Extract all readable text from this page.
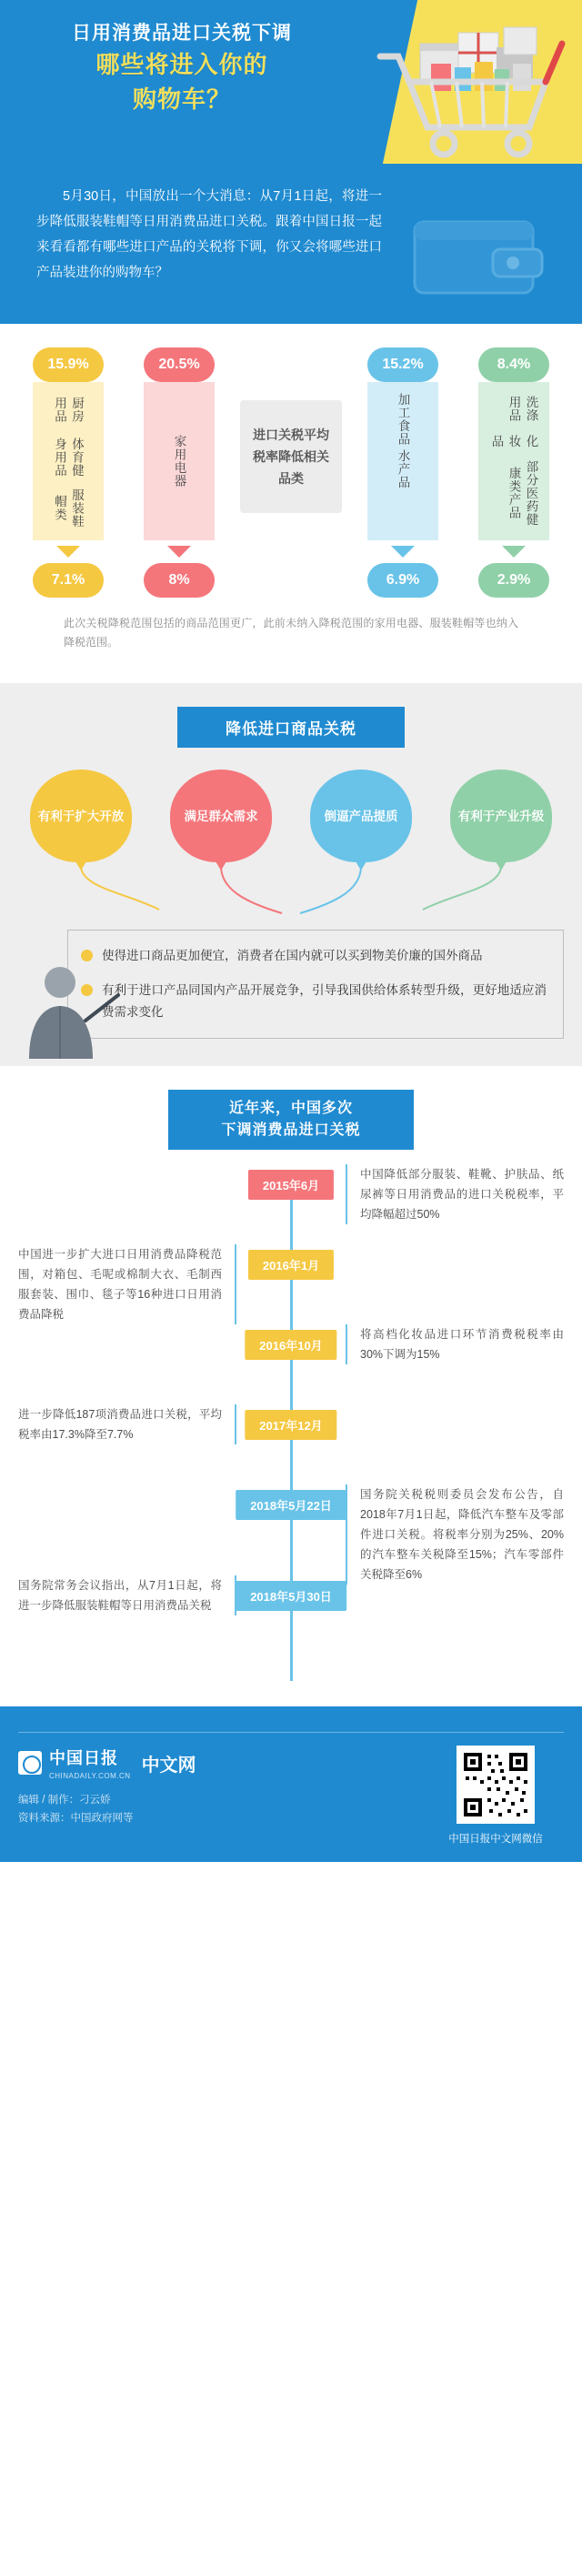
日用消费品进口关税下调
哪些将进入你的
购物车？

5月30日，中国放出一个大消息：从7月1日起，将进一步降低服装鞋帽等日用消费品进口关税。跟着中国日报一起来看看都有哪些进口产品的关税将下调，你又会将哪些进口产品装进你的购物车？

15.9%
厨房用品
体育健身用品
服装鞋帽类
7.1%
20.5%
家用电器
8%
进口关税平均税率降低相关品类
15.2%
加工食品
水产品
6.9%
8.4%
洗涤用品
化妆品
部分医药健康类产品
2.9%
此次关税降税范围包括的商品范围更广，此前未纳入降税范围的家用电器、服装鞋帽等也纳入降税范围。
降低进口商品关税
有利于扩大开放	满足群众需求	倒逼产品提质	有利于产业升级
使得进口商品更加便宜，消费者在国内就可以买到物美价廉的国外商品
有利于进口产品同国内产品开展竞争，引导我国供给体系转型升级，更好地适应消费需求变化
近年来，中国多次
下调消费品进口关税
2015年6月
中国降低部分服装、鞋靴、护肤品、纸尿裤等日用消费品的进口关税税率，平均降幅超过50%
2016年1月
中国进一步扩大进口日用消费品降税范围，对箱包、毛呢或棉制大衣、毛制西服套装、围巾、毯子等16种进口日用消费品降税
2016年10月
将高档化妆品进口环节消费税税率由30%下调为15%
2017年12月
进一步降低187项消费品进口关税，平均税率由17.3%降至7.7%
2018年5月22日
国务院关税税则委员会发布公告，自2018年7月1日起，降低汽车整车及零部件进口关税。将税率分别为25%、20%的汽车整车关税降至15%；汽车零部件关税降至6%
2018年5月30日
国务院常务会议指出，从7月1日起，将进一步降低服装鞋帽等日用消费品关税
中国日报
CHINADAILY.COM.CN
中文网
编辑 / 制作：刁云娇
资料来源：中国政府网等
中国日报中文网微信
